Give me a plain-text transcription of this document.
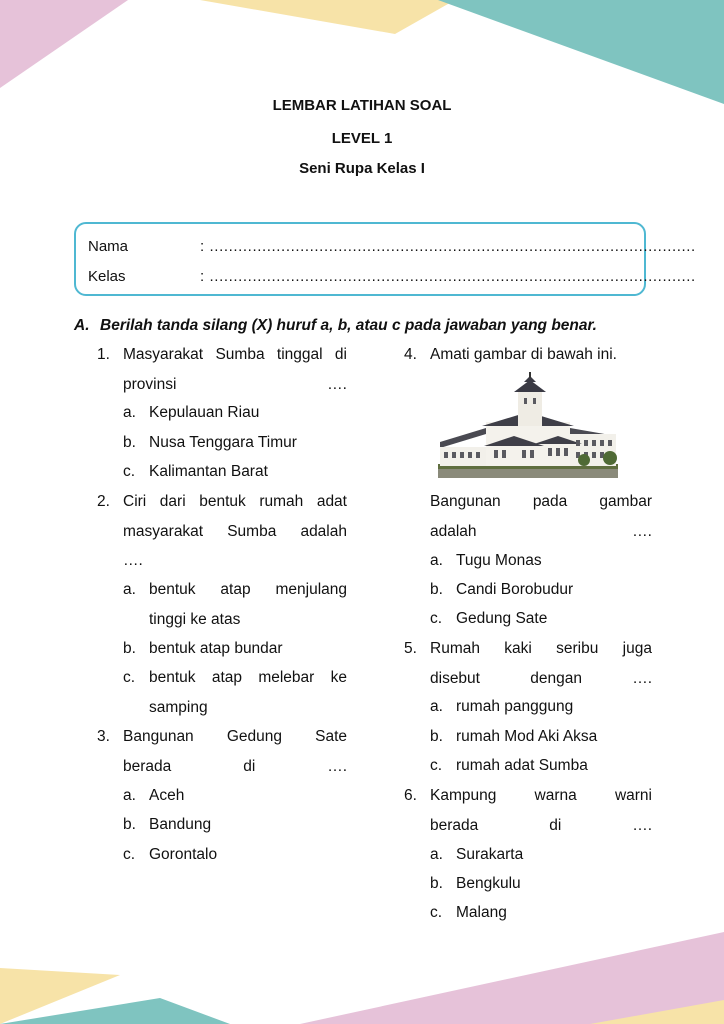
LEMBAR LATIHAN SOAL
LEVEL 1
Seni Rupa Kelas I
Nama	: ......................................................................................................
Kelas	: ......................................................................................................
A. Berilah tanda silang (X) huruf a, b, atau c pada jawaban yang benar.
1. Masyarakat Sumba tinggal di
provinsi ….
a. Kepulauan Riau
b. Nusa Tenggara Timur
c. Kalimantan Barat
2. Ciri dari bentuk rumah adat
masyarakat Sumba adalah
….
a. bentuk atap menjulang
tinggi ke atas
b. bentuk atap bundar
c. bentuk atap melebar ke
samping
3. Bangunan Gedung Sate
berada di ….
a. Aceh
b. Bandung
c. Gorontalo
4. Amati gambar di bawah ini.
Bangunan pada gambar
adalah ….
a. Tugu Monas
b. Candi Borobudur
c. Gedung Sate
5. Rumah kaki seribu juga
disebut dengan ….
a. rumah panggung
b. rumah Mod Aki Aksa
c. rumah adat Sumba
6. Kampung warna warni
berada di ….
a. Surakarta
b. Bengkulu
c. Malang
